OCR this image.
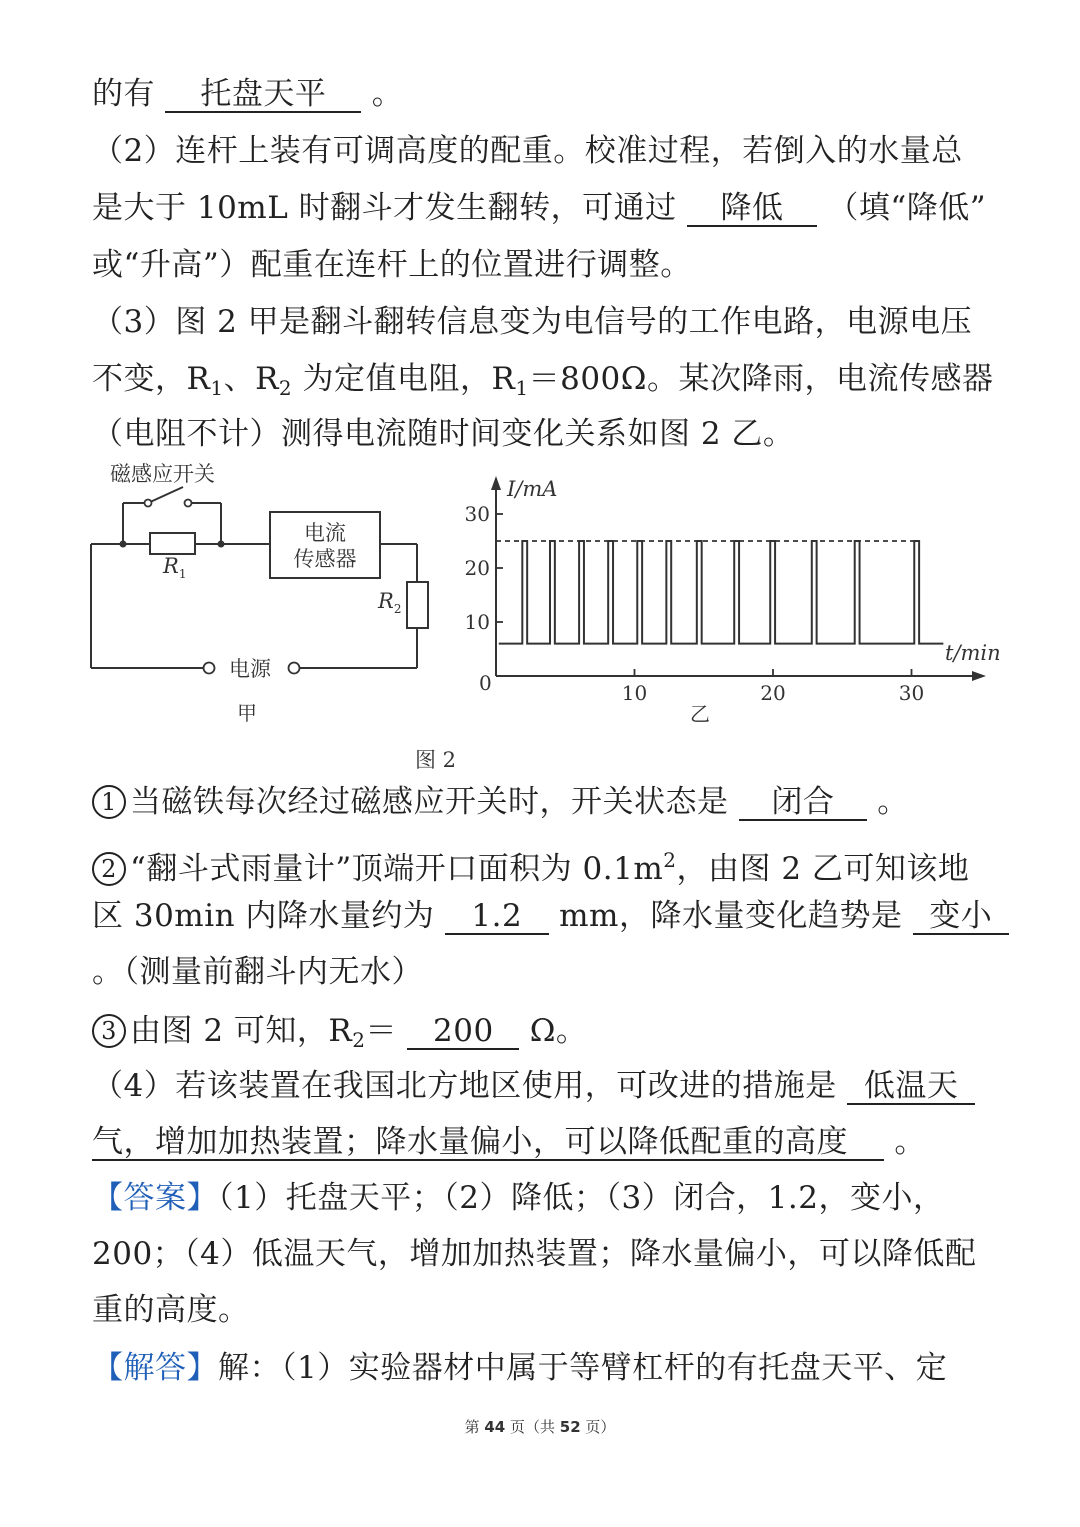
的有 托盘天平 。
（2）连杆上装有可调高度的配重。校准过程，若倒入的水量总
是大于 10mL 时翻斗才发生翻转，可通过 降低 （填“降低”
或“升高”）配重在连杆上的位置进行调整。
（3）图 2 甲是翻斗翻转信息变为电信号的工作电路，电源电压
不变，$R_1$、$R_2$ 为定值电阻，$R_1=800\Omega$。某次降雨，电流传感器
（电阻不计）测得电流随时间变化关系如图 2 乙。
磁感应开关
$R_1$
电流
传感器
$R_2$
电源
甲
I/mA
t/min
0
10
20
30
10	20	30
乙
图 2
1 当磁铁每次经过磁感应开关时，开关状态是 闭合 。
2 “翻斗式雨量计”顶端开口面积为 $0.1m^2$，由图 2 乙可知该地
区 30min 内降水量约为 1.2 mm，降水量变化趋势是 变小
。（测量前翻斗内无水）
3 由图 2 可知，$R_2= 200$ Ω。
（4）若该装置在我国北方地区使用，可改进的措施是 低温天
气，增加加热装置；降水量偏小，可以降低配重的高度 。
【答案】（1）托盘天平；（2）降低；（3）闭合，1.2，变小，
200；（4）低温天气，增加加热装置；降水量偏小，可以降低配
重的高度。
【解答】解：（1）实验器材中属于等臂杠杆的有托盘天平、定
第 44 页（共 52 页）
